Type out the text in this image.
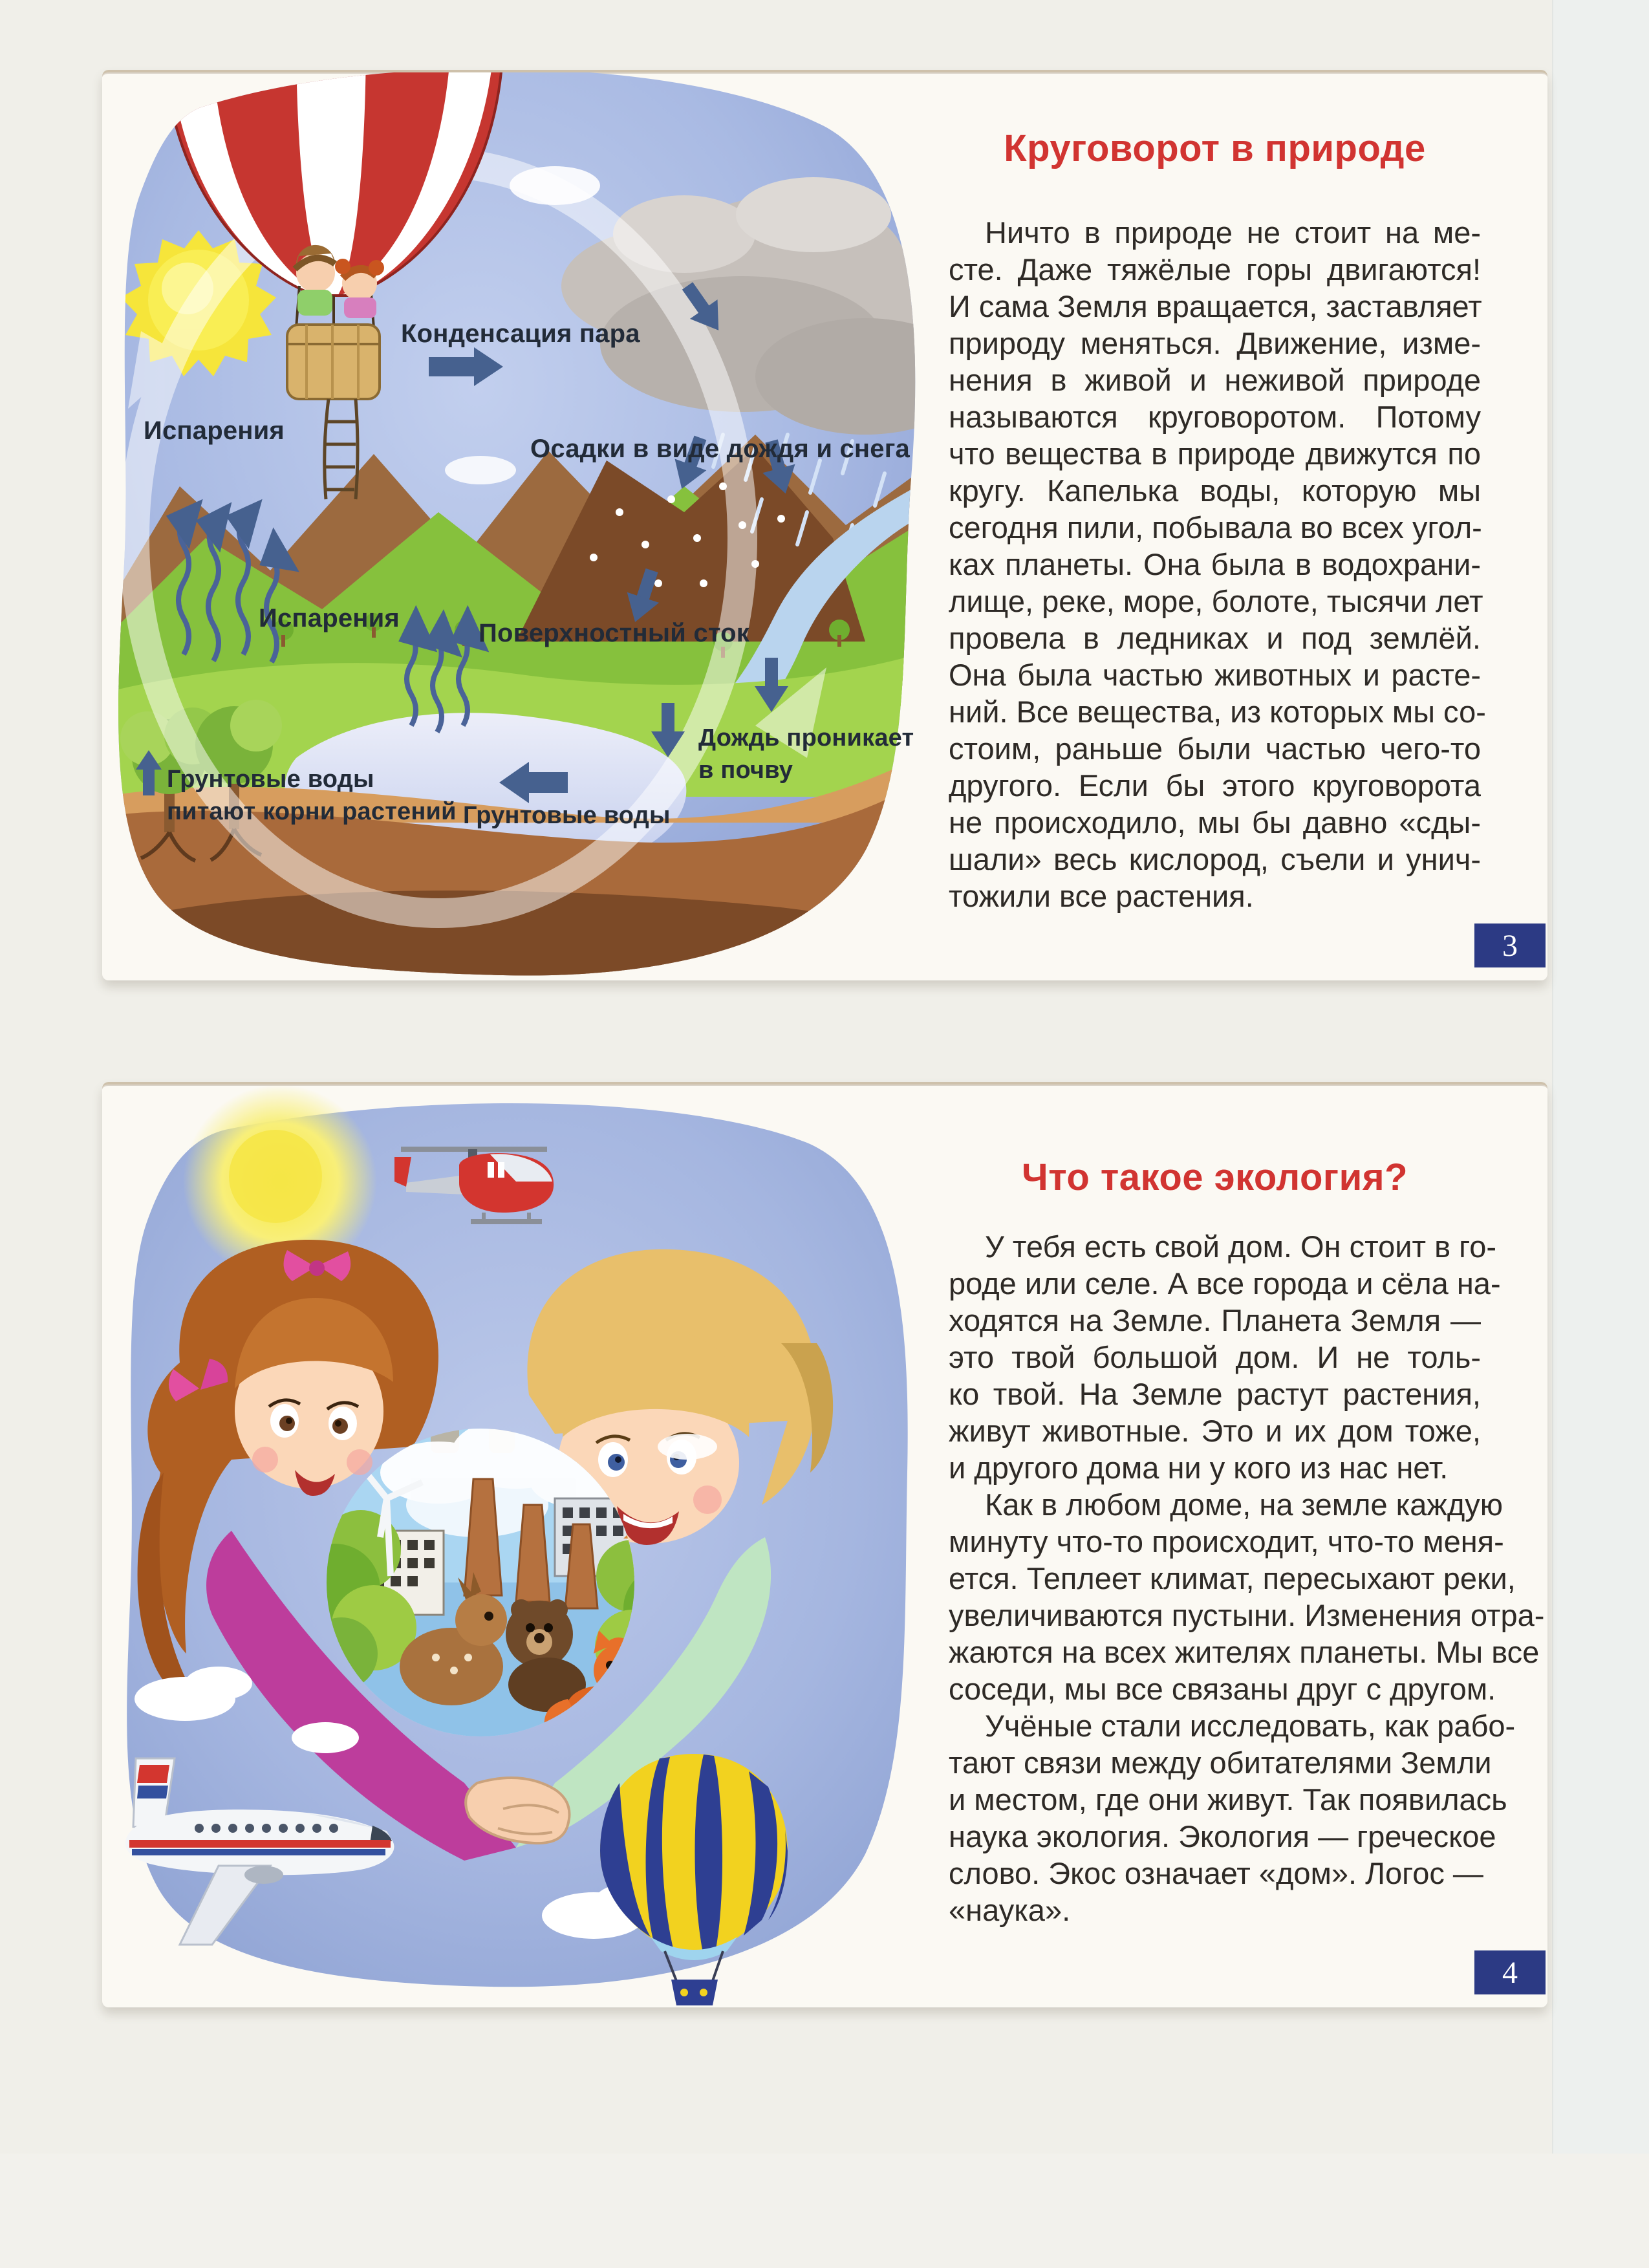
Конденсация пара
Осадки в виде дождя и снега
Испарения
Испарения
Поверхностный сток
Дождь проникает
в почву
Грунтовые воды
питают корни растений Грунтовые воды
Круговорот в природе
Ничто в природе не стоит на ме-
сте. Даже тяжёлые горы двигаются!
И сама Земля вращается, заставляет
природу меняться. Движение, изме-
нения в живой и неживой природе
называются круговоротом. Потому
что вещества в природе движутся по
кругу. Капелька воды, которую мы
сегодня пили, побывала во всех угол-
ках планеты. Она была в водохрани-
лище, реке, море, болоте, тысячи лет
провела в ледниках и под землёй.
Она была частью животных и расте-
ний. Все вещества, из которых мы со-
стоим, раньше были частью чего-то
другого. Если бы этого круговорота
не происходило, мы бы давно «сды-
шали» весь кислород, съели и унич-
тожили все растения.
3
Что такое экология?
У тебя есть свой дом. Он стоит в го-
роде или селе. А все города и сёла на-
ходятся на Земле. Планета Земля —
это твой большой дом. И не толь-
ко твой. На Земле растут растения,
живут животные. Это и их дом тоже,
и другого дома ни у кого из нас нет.
Как в любом доме, на земле каждую
минуту что-то происходит, что-то меня-
ется. Теплеет климат, пересыхают реки,
увеличиваются пустыни. Изменения отра-
жаются на всех жителях планеты. Мы все
соседи, мы все связаны друг с другом.
Учёные стали исследовать, как рабо-
тают связи между обитателями Земли
и местом, где они живут. Так появилась
наука экология. Экология — греческое
слово. Экос означает «дом». Логос —
«наука».
4
